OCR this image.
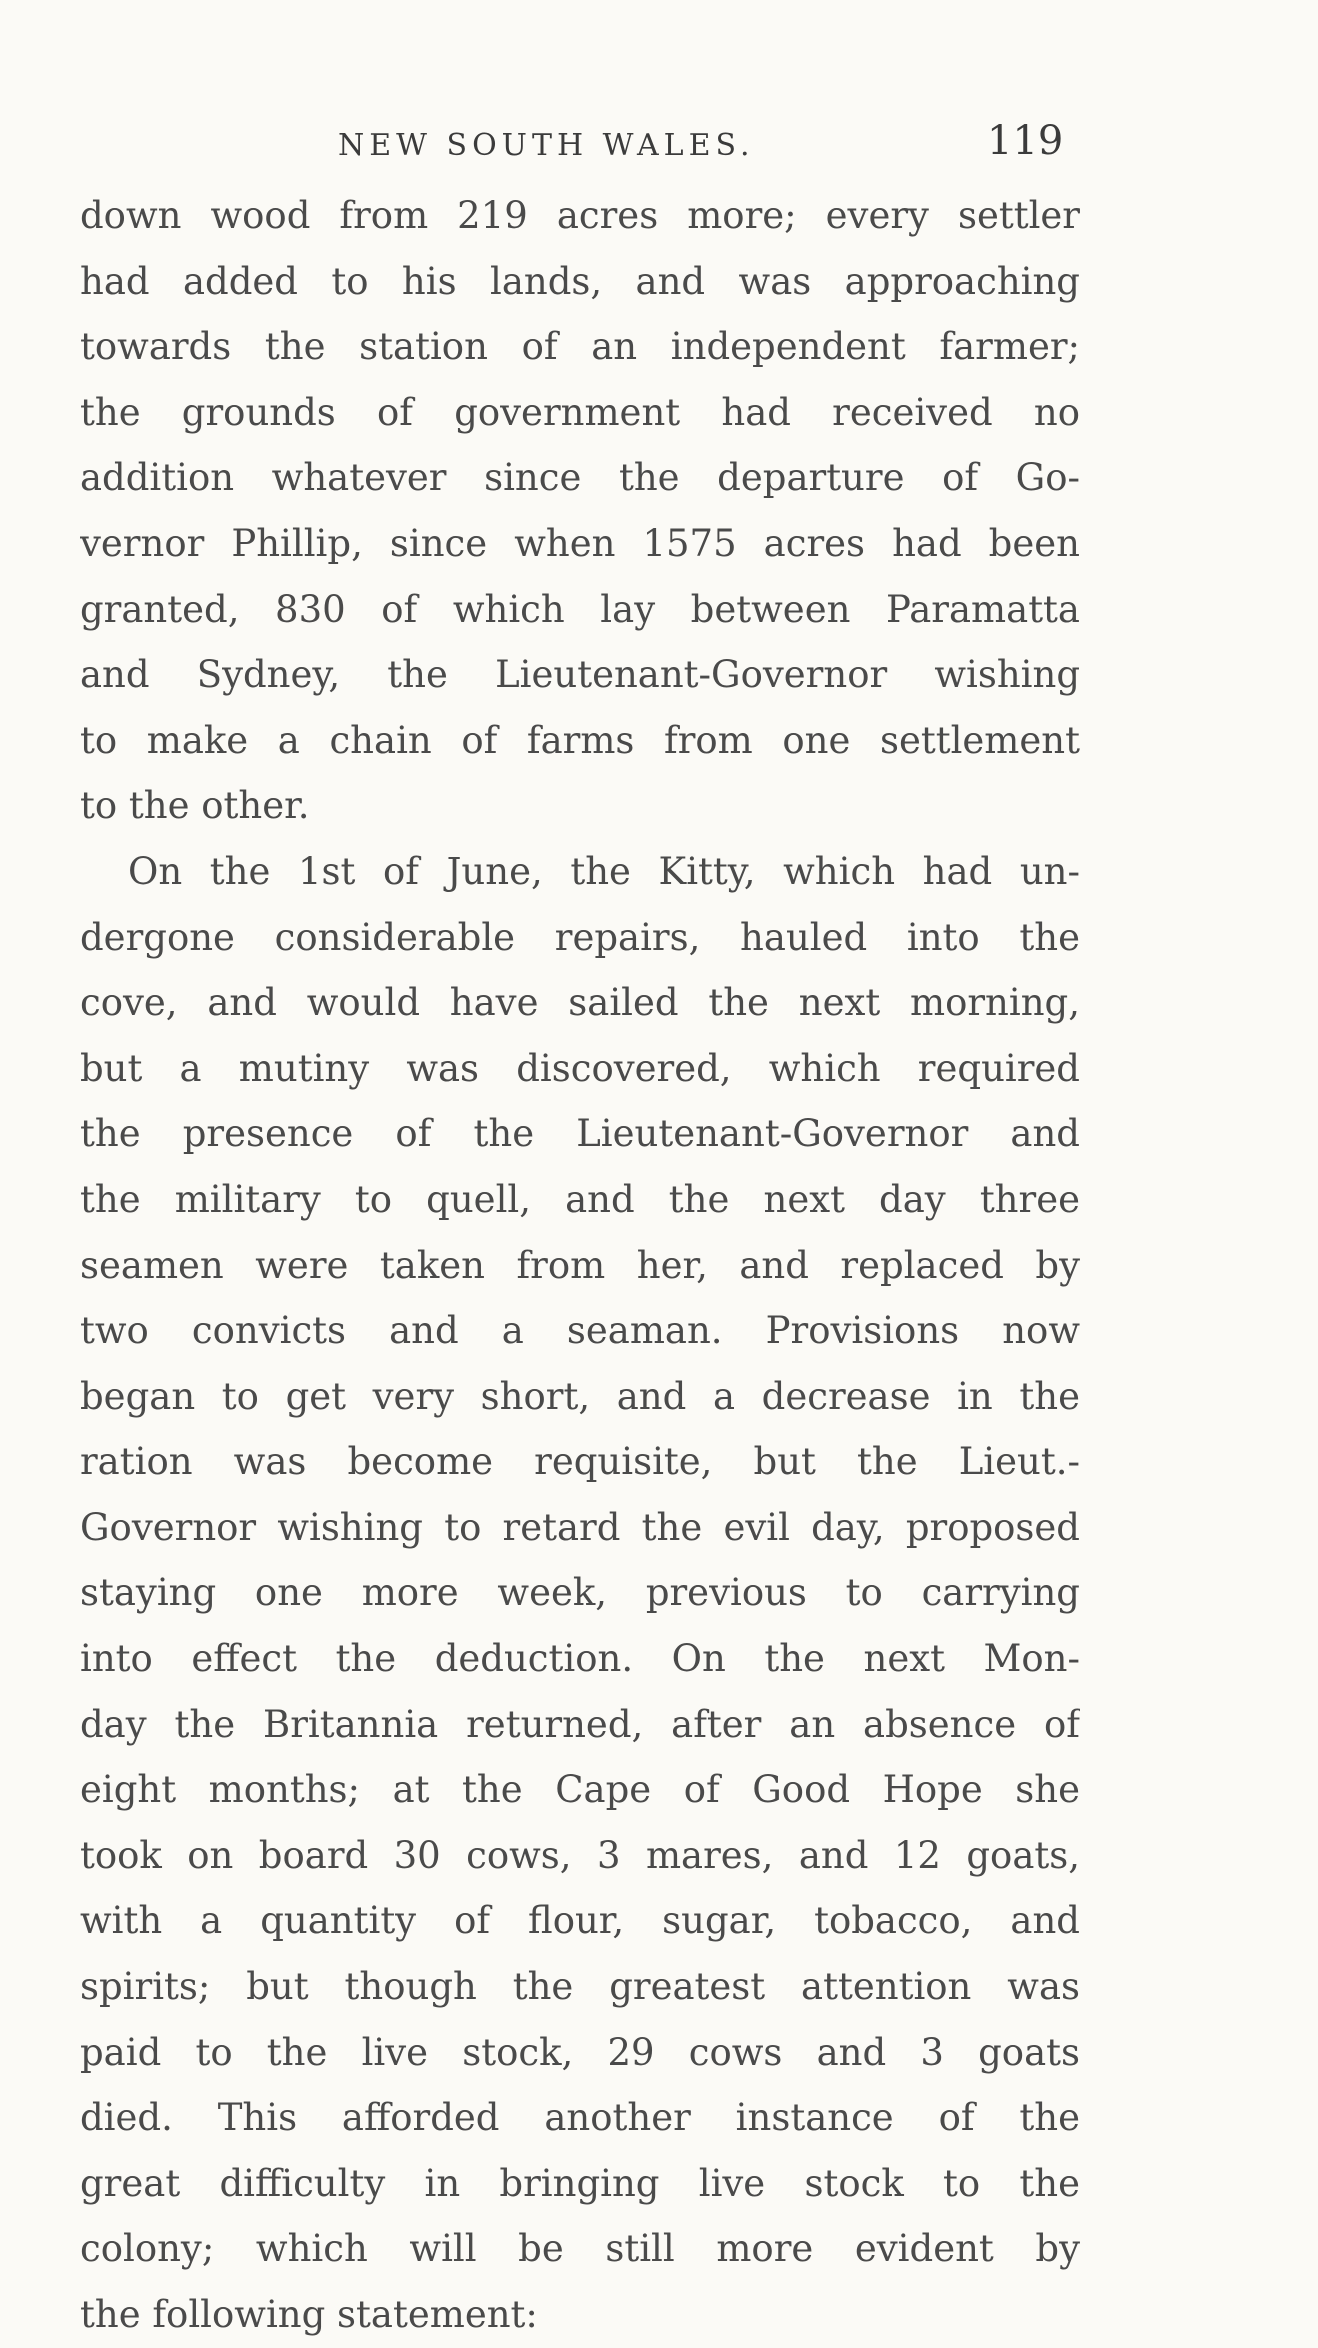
NEW SOUTH WALES.	119
down wood from 219 acres more; every settler
had added to his lands, and was approaching
towards the station of an independent farmer;
the grounds of government had received no
addition whatever since the departure of Go-
vernor Phillip, since when 1575 acres had been
granted, 830 of which lay between Paramatta
and Sydney, the Lieutenant-Governor wishing
to make a chain of farms from one settlement
to the other.
On the 1st of June, the Kitty, which had un-
dergone considerable repairs, hauled into the
cove, and would have sailed the next morning,
but a mutiny was discovered, which required
the presence of the Lieutenant-Governor and
the military to quell, and the next day three
seamen were taken from her, and replaced by
two convicts and a seaman. Provisions now
began to get very short, and a decrease in the
ration was become requisite, but the Lieut.-
Governor wishing to retard the evil day, proposed
staying one more week, previous to carrying
into effect the deduction. On the next Mon-
day the Britannia returned, after an absence of
eight months; at the Cape of Good Hope she
took on board 30 cows, 3 mares, and 12 goats,
with a quantity of flour, sugar, tobacco, and
spirits; but though the greatest attention was
paid to the live stock, 29 cows and 3 goats
died. This afforded another instance of the
great difficulty in bringing live stock to the
colony; which will be still more evident by
the following statement:
